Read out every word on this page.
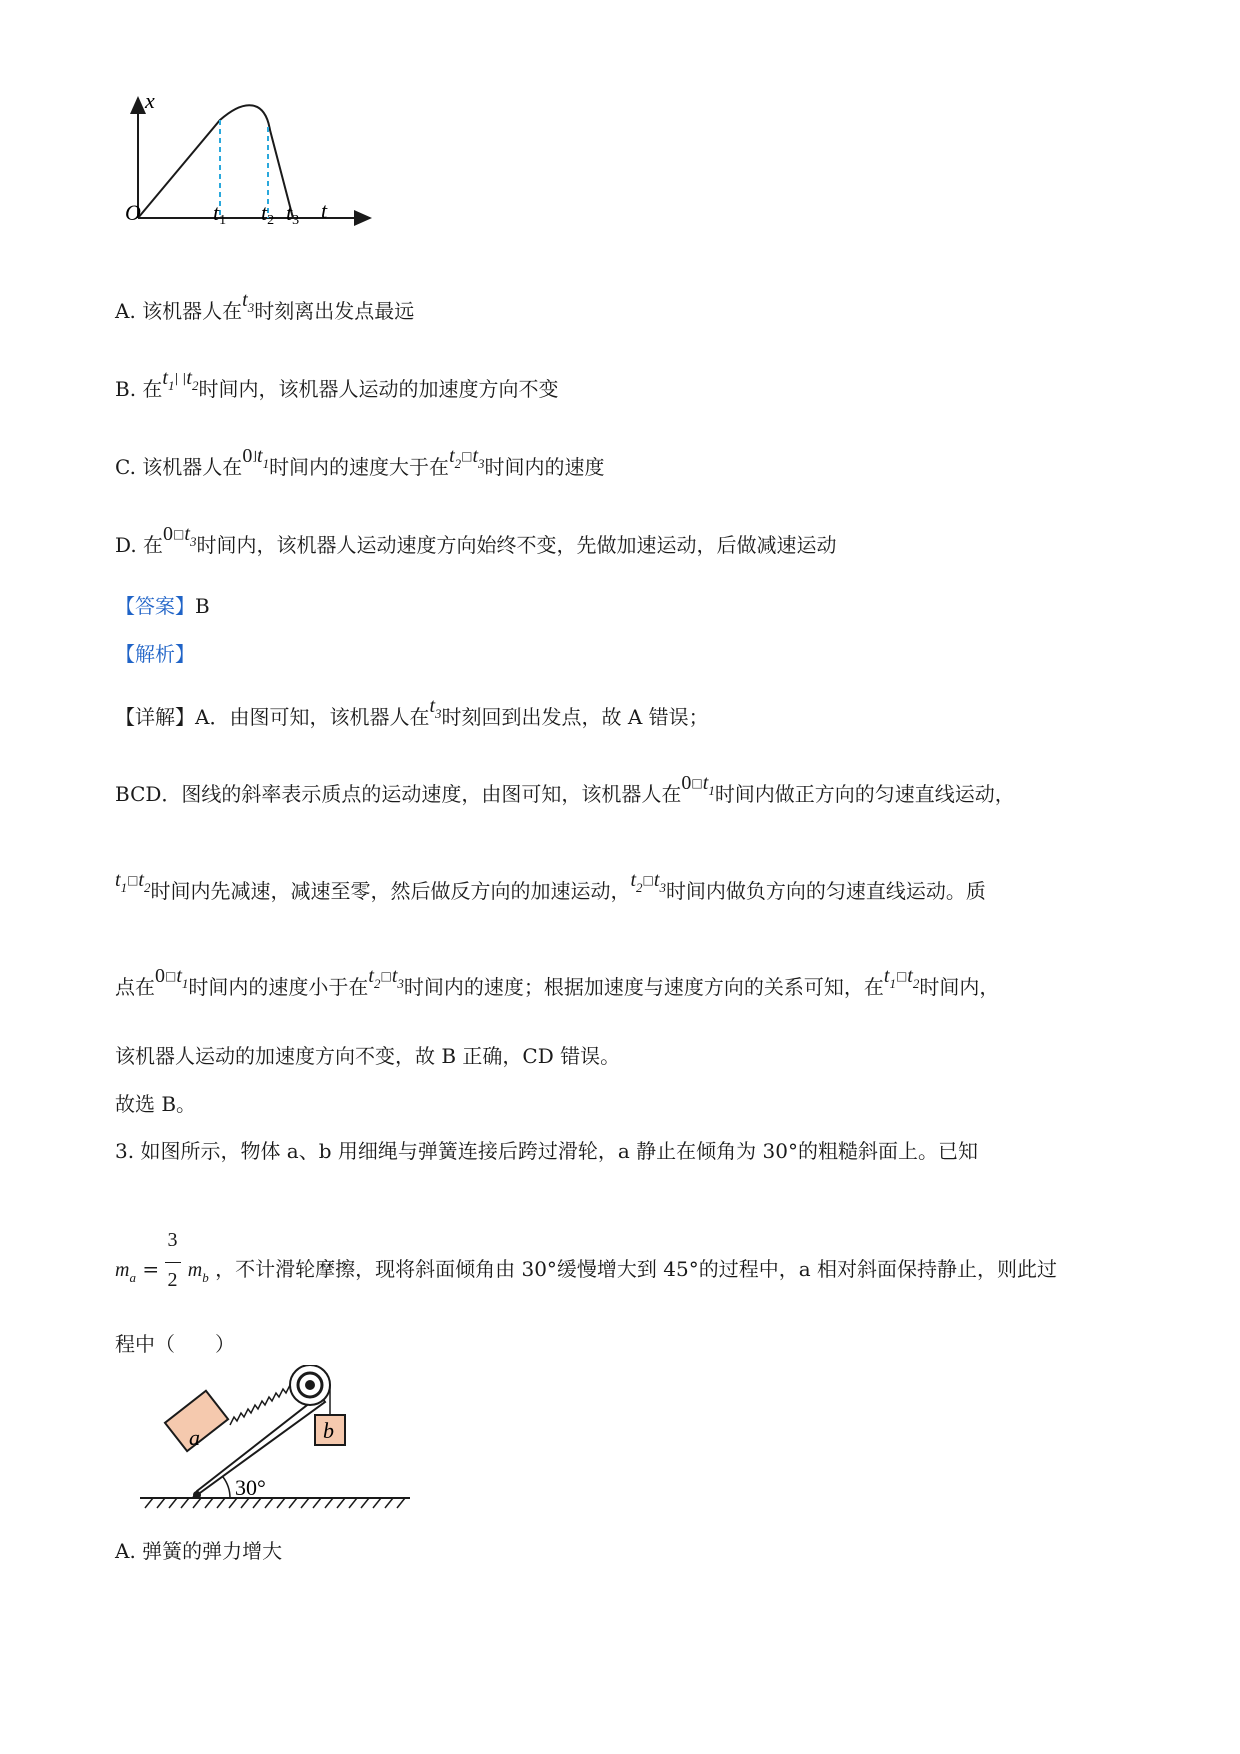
x
t
O	t1 t2 t3
A. 该机器人在$t_3$时刻离出发点最远
B. 在$t_1^{| |}t_2$时间内，该机器人运动的加速度方向不变
C. 该机器人在$0^⌋t_1$时间内的速度大于在$t_2^□t_3$时间内的速度
D. 在$0^□t_3$时间内，该机器人运动速度方向始终不变，先做加速运动，后做减速运动
【答案】B
【解析】
【详解】A．由图可知，该机器人在$t_3$时刻回到出发点，故 A 错误；
BCD．图线的斜率表示质点的运动速度，由图可知，该机器人在$0^□t_1$时间内做正方向的匀速直线运动，
$t_1^□t_2$时间内先减速，减速至零，然后做反方向的加速运动，$t_2^□t_3$时间内做负方向的匀速直线运动。质
点在$0^□t_1$时间内的速度小于在$t_2^□t_3$时间内的速度；根据加速度与速度方向的关系可知，在$t_1^□t_2$时间内，
该机器人运动的加速度方向不变，故 B 正确，CD 错误。
故选 B。
3. 如图所示，物体 a、b 用细绳与弹簧连接后跨过滑轮，a 静止在倾角为 30°的粗糙斜面上。已知
$m_a = \frac{3}{2} m_b$ ，不计滑轮摩擦，现将斜面倾角由 30°缓慢增大到 45°的过程中，a 相对斜面保持静止，则此过
程中（　　）
30°
a	b
A. 弹簧的弹力增大
